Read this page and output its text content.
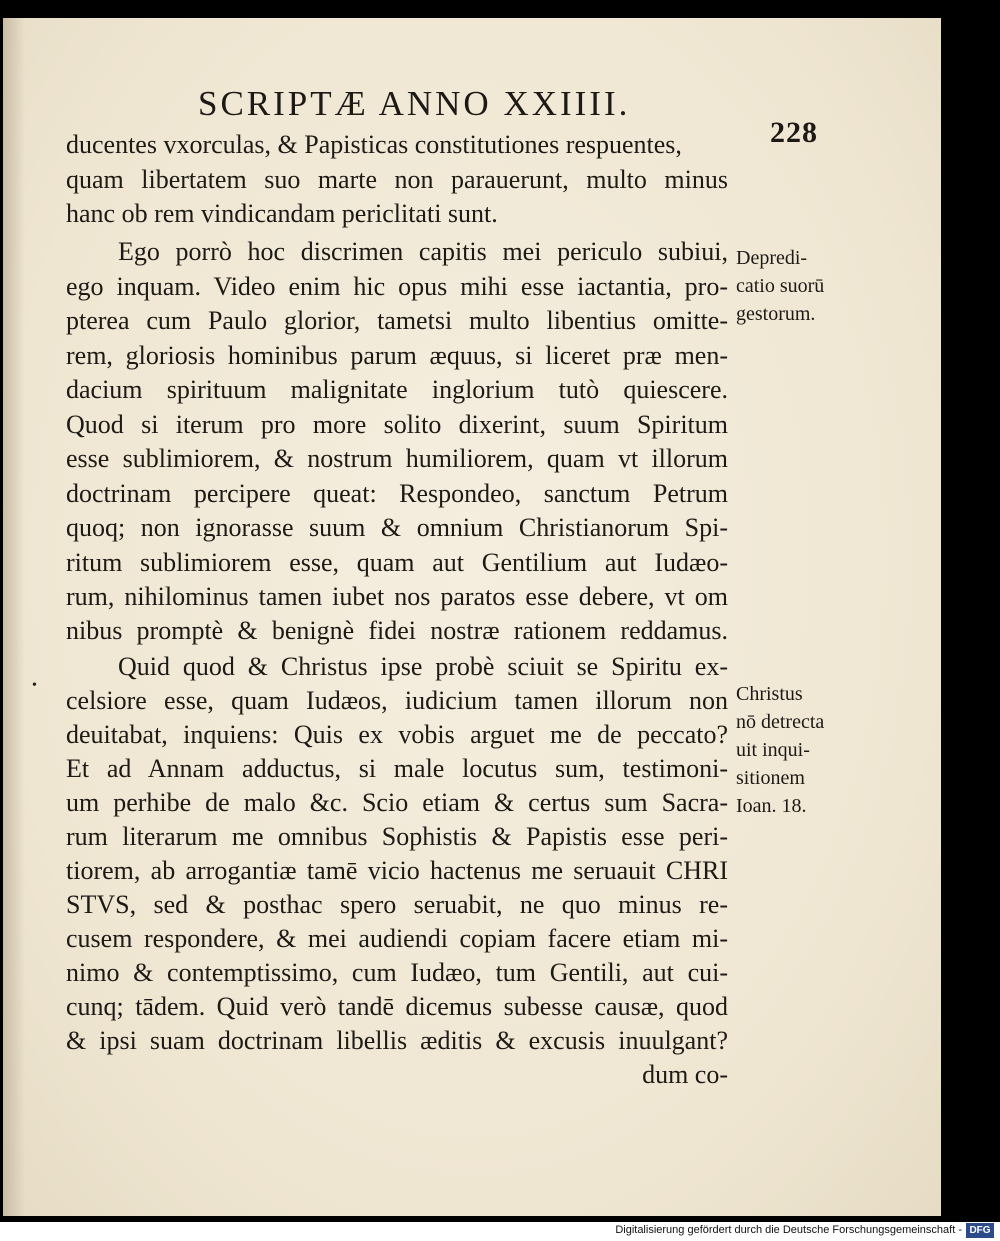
SCRIPTÆ ANNO XXIIII.
228
ducentes vxorculas, & Papisticas constitutiones respuentes,
quam libertatem suo marte non parauerunt, multo minus
hanc ob rem vindicandam periclitati sunt.
Ego porrò hoc discrimen capitis mei periculo subiui,
ego inquam. Video enim hic opus mihi esse iactantia, pro-
pterea cum Paulo glorior, tametsi multo libentius omitte-
rem, gloriosis hominibus parum æquus, si liceret præ men-
dacium spirituum malignitate inglorium tutò quiescere.
Quod si iterum pro more solito dixerint, suum Spiritum
esse sublimiorem, & nostrum humiliorem, quam vt illorum
doctrinam percipere queat: Respondeo, sanctum Petrum
quoq; non ignorasse suum & omnium Christianorum Spi-
ritum sublimiorem esse, quam aut Gentilium aut Iudæo-
rum, nihilominus tamen iubet nos paratos esse debere, vt om
nibus promptè & benignè fidei nostræ rationem reddamus.
Quid quod & Christus ipse probè sciuit se Spiritu ex-
celsiore esse, quam Iudæos, iudicium tamen illorum non
deuitabat, inquiens: Quis ex vobis arguet me de peccato?
Et ad Annam adductus, si male locutus sum, testimoni-
um perhibe de malo &c. Scio etiam & certus sum Sacra-
rum literarum me omnibus Sophistis & Papistis esse peri-
tiorem, ab arrogantiæ tamē vicio hactenus me seruauit CHRI
STVS, sed & posthac spero seruabit, ne quo minus re-
cusem respondere, & mei audiendi copiam facere etiam mi-
nimo & contemptissimo, cum Iudæo, tum Gentili, aut cui-
cunq; tādem. Quid verò tandē dicemus subesse causæ, quod
& ipsi suam doctrinam libellis æditis & excusis inuulgant?
dum co-
Depredi-
catio suorū
gestorum.
Christus
nō detrecta
uit inqui-
sitionem
Ioan. 18.
•
Digitalisierung gefördert durch die Deutsche Forschungsgemeinschaft - DFG
